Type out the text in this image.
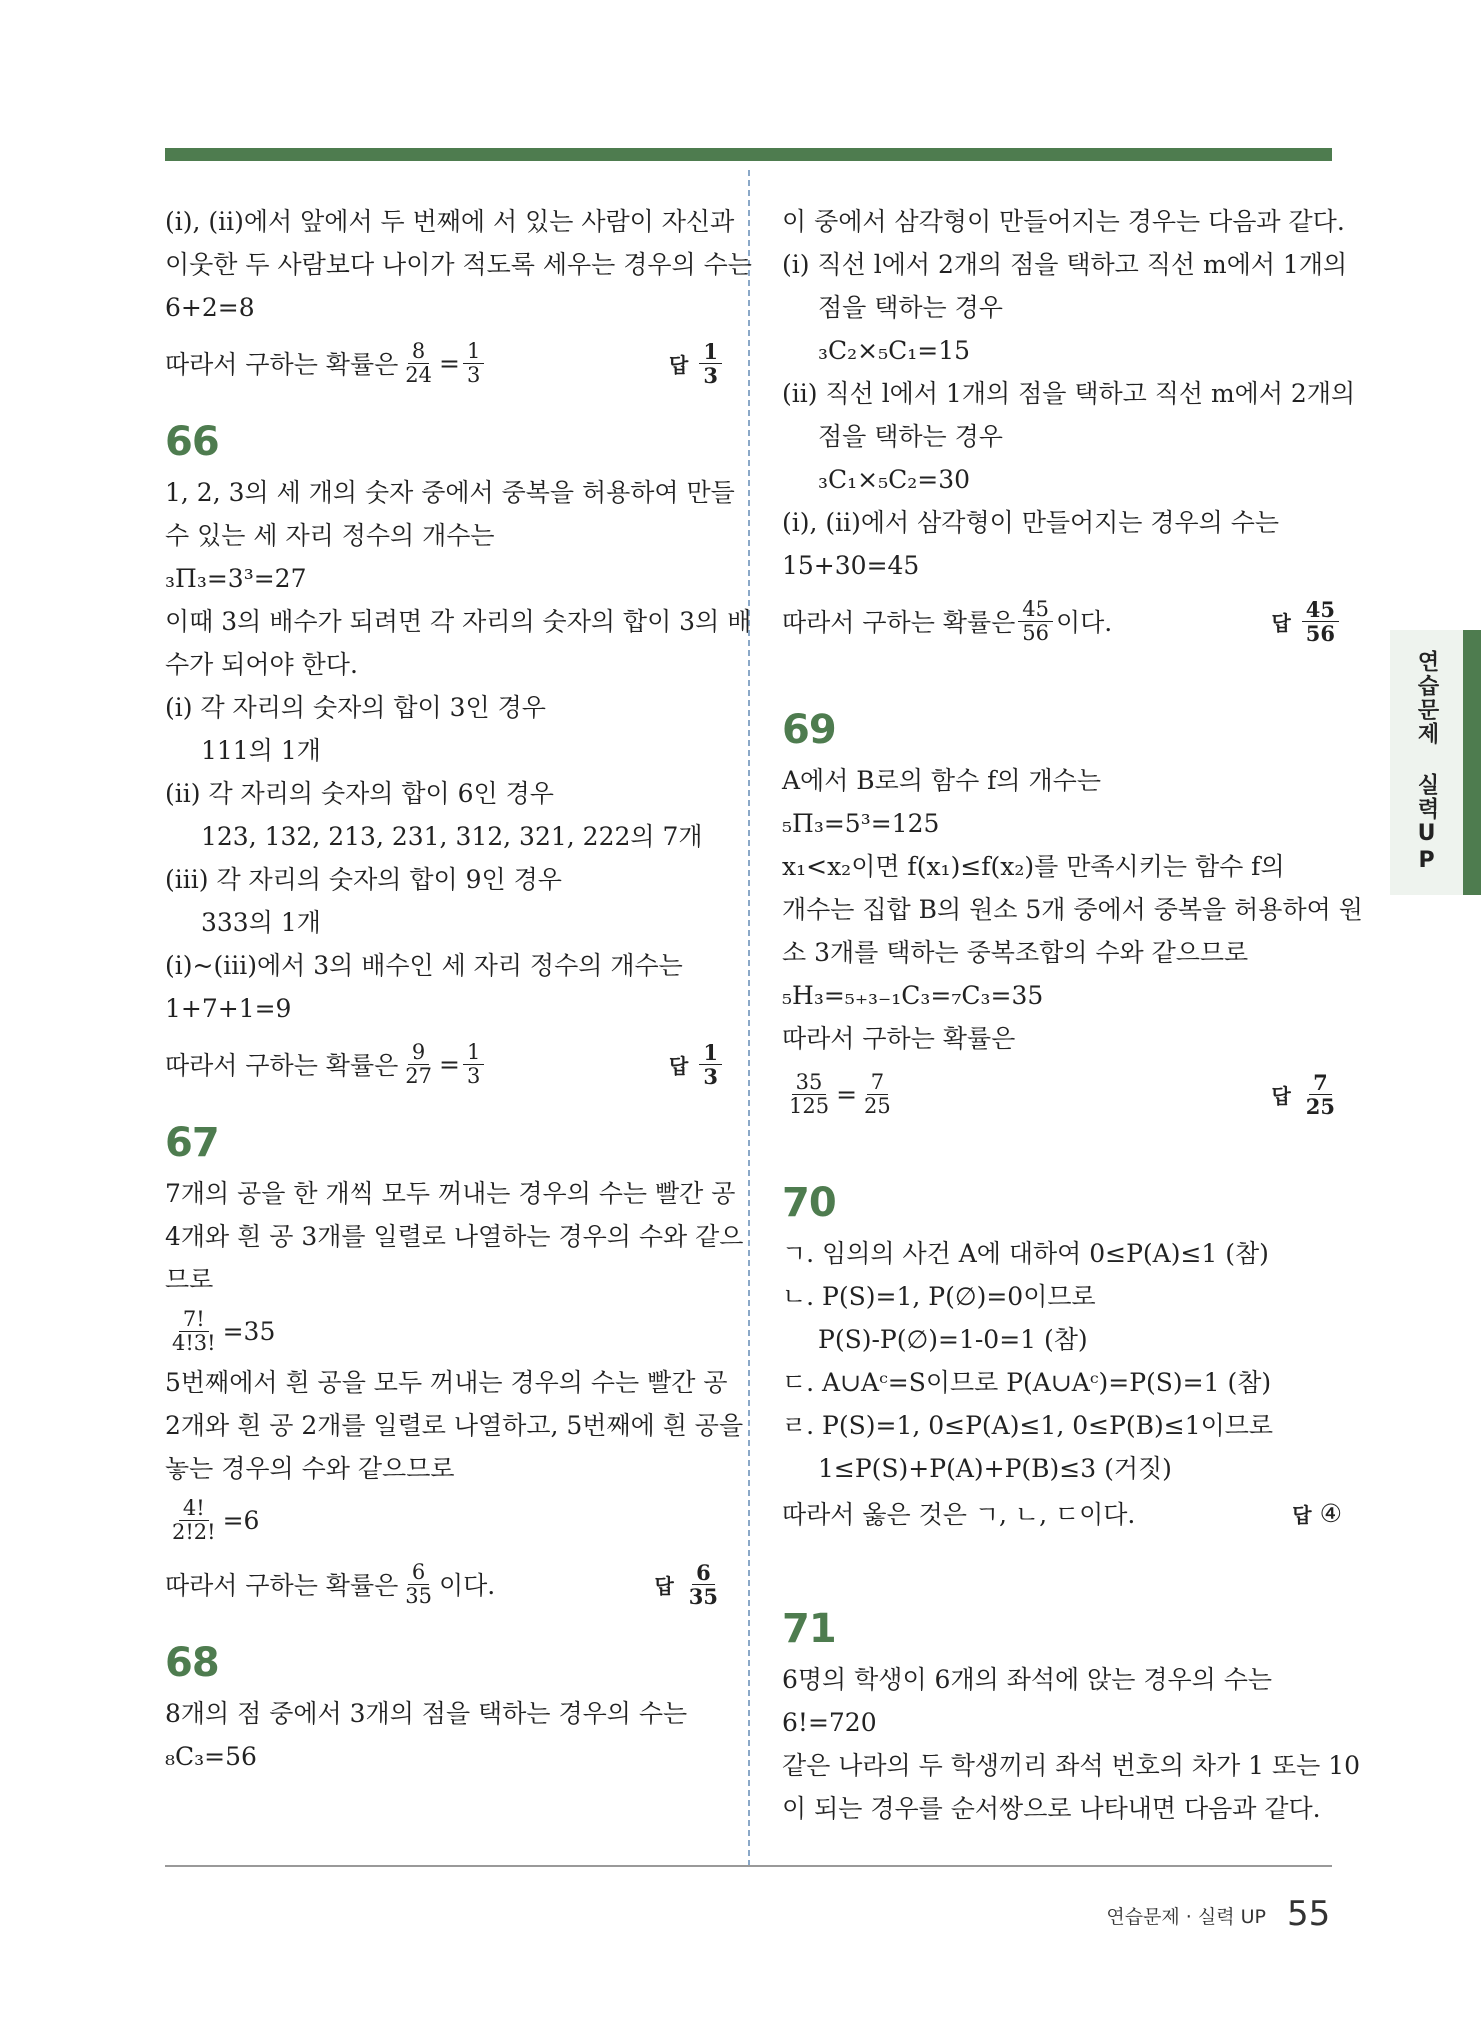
(i), (ii)에서 앞에서 두 번째에 서 있는 사람이 자신과
이웃한 두 사람보다 나이가 적도록 세우는 경우의 수는
6+2=8
따라서 구하는 확률은 $\frac{8}{24} = \frac{1}{3}$	답 $\frac{1}{3}$
66
1, 2, 3의 세 개의 숫자 중에서 중복을 허용하여 만들
수 있는 세 자리 정수의 개수는
₃Π₃=3³=27
이때 3의 배수가 되려면 각 자리의 숫자의 합이 3의 배
수가 되어야 한다.
(i) 각 자리의 숫자의 합이 3인 경우
111의 1개
(ii) 각 자리의 숫자의 합이 6인 경우
123, 132, 213, 231, 312, 321, 222의 7개
(iii) 각 자리의 숫자의 합이 9인 경우
333의 1개
(i)~(iii)에서 3의 배수인 세 자리 정수의 개수는
1+7+1=9
따라서 구하는 확률은 $\frac{9}{27} = \frac{1}{3}$	답 $\frac{1}{3}$
67
7개의 공을 한 개씩 모두 꺼내는 경우의 수는 빨간 공
4개와 흰 공 3개를 일렬로 나열하는 경우의 수와 같으
므로
$\frac{7!}{4!3!} =35$
5번째에서 흰 공을 모두 꺼내는 경우의 수는 빨간 공
2개와 흰 공 2개를 일렬로 나열하고, 5번째에 흰 공을
놓는 경우의 수와 같으므로
$\frac{4!}{2!2!} =6$
따라서 구하는 확률은 $\frac{6}{35}$ 이다.	답 $\frac{6}{35}$
68
8개의 점 중에서 3개의 점을 택하는 경우의 수는
₈C₃=56
이 중에서 삼각형이 만들어지는 경우는 다음과 같다.
(i) 직선 l에서 2개의 점을 택하고 직선 m에서 1개의
점을 택하는 경우
₃C₂×₅C₁=15
(ii) 직선 l에서 1개의 점을 택하고 직선 m에서 2개의
점을 택하는 경우
₃C₁×₅C₂=30
(i), (ii)에서 삼각형이 만들어지는 경우의 수는
15+30=45
따라서 구하는 확률은 $\frac{45}{56}$ 이다.	답 $\frac{45}{56}$
69
A에서 B로의 함수 f의 개수는
₅Π₃=5³=125
x₁<x₂이면 f(x₁)≤f(x₂)를 만족시키는 함수 f의
개수는 집합 B의 원소 5개 중에서 중복을 허용하여 원
소 3개를 택하는 중복조합의 수와 같으므로
₅H₃=₅₊₃₋₁C₃=₇C₃=35
따라서 구하는 확률은
$\frac{35}{125} = \frac{7}{25}$	답 $\frac{7}{25}$
70
ㄱ. 임의의 사건 A에 대하여 0≤P(A)≤1 (참)
ㄴ. P(S)=1, P(∅)=0이므로
P(S)-P(∅)=1-0=1 (참)
ㄷ. A∪Aᶜ=S이므로 P(A∪Aᶜ)=P(S)=1 (참)
ㄹ. P(S)=1, 0≤P(A)≤1, 0≤P(B)≤1이므로
1≤P(S)+P(A)+P(B)≤3 (거짓)
따라서 옳은 것은 ㄱ, ㄴ, ㄷ이다.	답 ④
71
6명의 학생이 6개의 좌석에 앉는 경우의 수는
6!=720
같은 나라의 두 학생끼리 좌석 번호의 차가 1 또는 10
이 되는 경우를 순서쌍으로 나타내면 다음과 같다.
연습문제 실력UP
연습문제 · 실력 UP 55
